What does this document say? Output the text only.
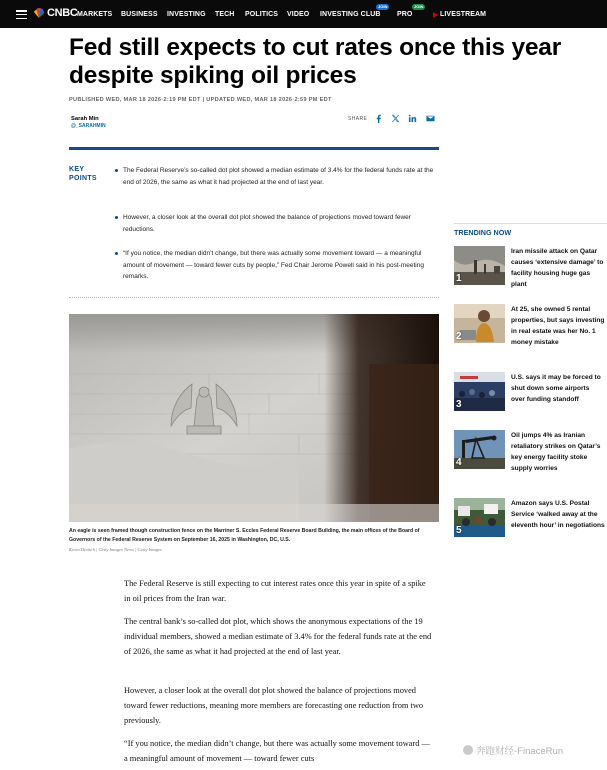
CNBC MARKETS BUSINESS INVESTING TECH POLITICS VIDEO INVESTING CLUB
JOIN
PRO
JOIN
LIVESTREAM
Fed still expects to cut rates once this year despite spiking oil prices
PUBLISHED WED, MAR 18 2026·2:19 PM EDT | UPDATED WED, MAR 18 2026·2:59 PM EDT
Sarah Min
@_SARAHMIN
SHARE
KEY
POINTS
The Federal Reserve’s so-called dot plot showed a median estimate of 3.4% for the federal funds rate at the end of 2026, the same as what it had projected at the end of last year.
However, a closer look at the overall dot plot showed the balance of projections moved toward fewer reductions.
“If you notice, the median didn’t change, but there was actually some movement toward — a meaningful amount of movement — toward fewer cuts by people,” Fed Chair Jerome Powell said in his post-meeting remarks.
An eagle is seen framed though construction fence on the Marriner S. Eccles Federal Reserve Board Building, the main offices of the Board of Governors of the Federal Reserve System on September 16, 2025 in Washington, DC, U.S.
Kevin Dietsch | Getty Images News | Getty Images

The Federal Reserve is still expecting to cut interest rates once this year in spite of a spike in oil prices from the Iran war.

The central bank’s so-called dot plot, which shows the anonymous expectations of the 19 individual members, showed a median estimate of 3.4% for the federal funds rate at the end of 2026, the same as what it had projected at the end of last year.

However, a closer look at the overall dot plot showed the balance of projections moved toward fewer reductions, meaning more members are forecasting one reduction from two previously.

“If you notice, the median didn’t change, but there was actually some movement toward — a meaningful amount of movement — toward fewer cuts

TRENDING NOW
1
Iran missile attack on Qatar causes ‘extensive damage’ to facility housing huge gas plant
2
At 25, she owned 5 rental properties, but says investing in real estate was her No. 1 money mistake
3
U.S. says it may be forced to shut down some airports over funding standoff
4
Oil jumps 4% as Iranian retaliatory strikes on Qatar’s key energy facility stoke supply worries
5
Amazon says U.S. Postal Service ‘walked away at the eleventh hour’ in negotiations
奔跑财经-FinaceRun
